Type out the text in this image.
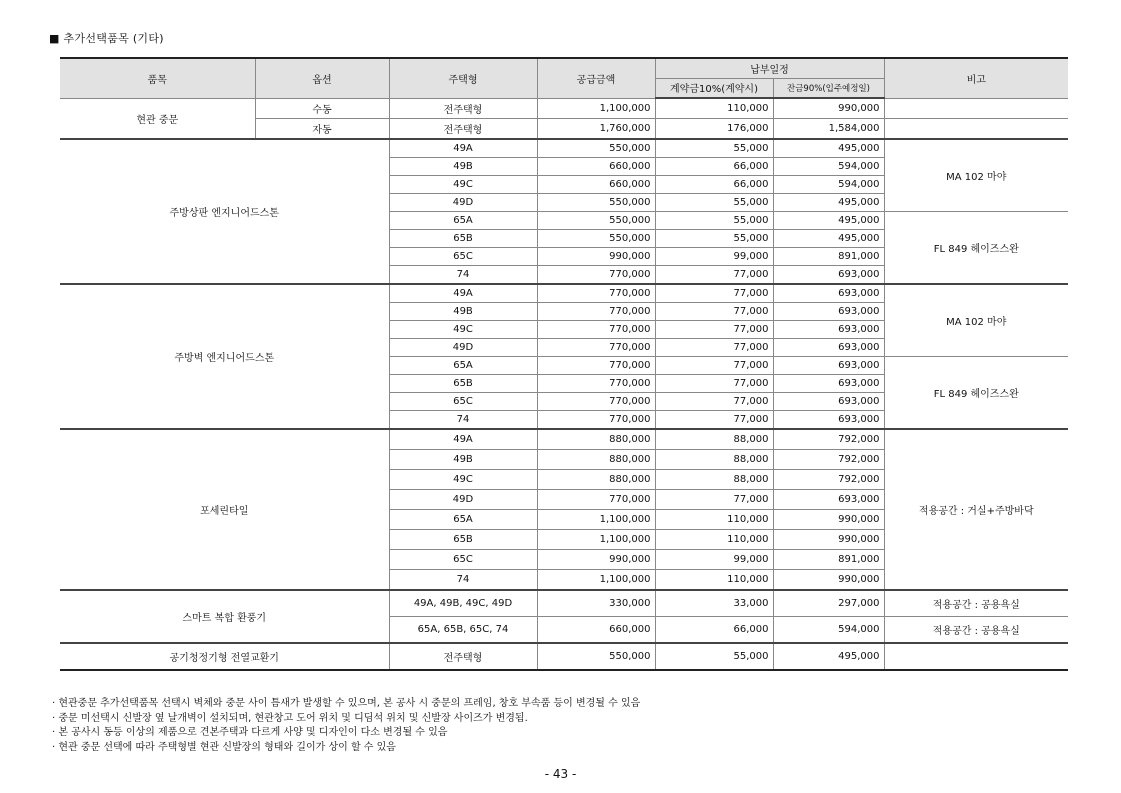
■ 추가선택품목 (기타)
품목	옵션	주택형	공급금액	납부일정		비고
				계약금10%(계약시)	잔금90%(입주예정일)	
현관 중문	수동	전주택형	1,100,000	110,000	990,000	
	자동	전주택형	1,760,000	176,000	1,584,000	
주방상판 엔지니어드스톤		49A	550,000	55,000	495,000	MA 102 마야
		49B	660,000	66,000	594,000	
		49C	660,000	66,000	594,000	
		49D	550,000	55,000	495,000	
		65A	550,000	55,000	495,000	FL 849 헤이즈스완
		65B	550,000	55,000	495,000	
		65C	990,000	99,000	891,000	
		74	770,000	77,000	693,000	
주방벽 엔지니어드스톤		49A	770,000	77,000	693,000	MA 102 마야
		49B	770,000	77,000	693,000	
		49C	770,000	77,000	693,000	
		49D	770,000	77,000	693,000	
		65A	770,000	77,000	693,000	FL 849 헤이즈스완
		65B	770,000	77,000	693,000	
		65C	770,000	77,000	693,000	
		74	770,000	77,000	693,000	
포세린타일		49A	880,000	88,000	792,000	적용공간 : 거실+주방바닥
		49B	880,000	88,000	792,000	
		49C	880,000	88,000	792,000	
		49D	770,000	77,000	693,000	
		65A	1,100,000	110,000	990,000	
		65B	1,100,000	110,000	990,000	
		65C	990,000	99,000	891,000	
		74	1,100,000	110,000	990,000	
스마트 복합 환풍기		49A, 49B, 49C, 49D	330,000	33,000	297,000	적용공간 : 공용욕실
		65A, 65B, 65C, 74	660,000	66,000	594,000	적용공간 : 공용욕실
공기청정기형 전열교환기		전주택형	550,000	55,000	495,000	
· 현관중문 추가선택품목 선택시 벽체와 중문 사이 틈새가 발생할 수 있으며, 본 공사 시 중문의 프레임, 창호 부속품 등이 변경될 수 있음
· 중문 미선택시 신발장 옆 날개벽이 설치되며, 현관창고 도어 위치 및 디딤석 위치 및 신발장 사이즈가 변경됨.
· 본 공사시 동등 이상의 제품으로 견본주택과 다르게 사양 및 디자인이 다소 변경될 수 있음
· 현관 중문 선택에 따라 주택형별 현관 신발장의 형태와 길이가 상이 할 수 있음
- 43 -
